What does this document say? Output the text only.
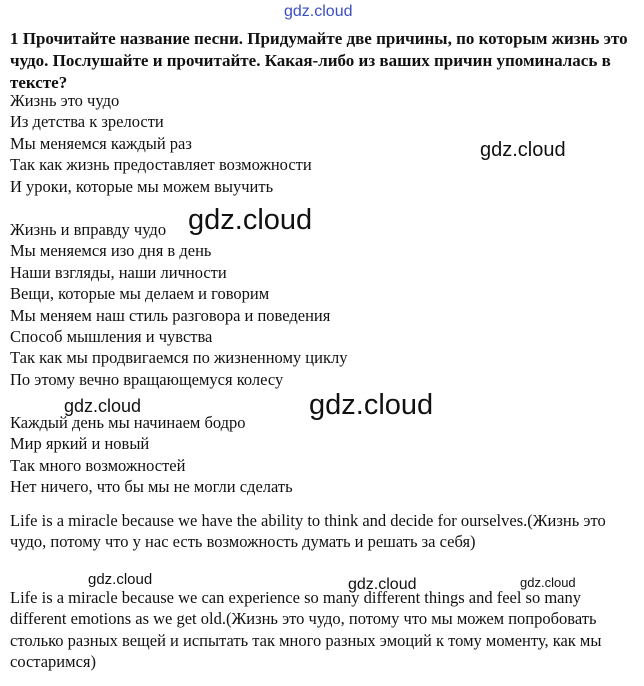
1 Прочитайте название песни. Придумайте две причины, по которым жизнь это чудо. Послушайте и прочитайте. Какая-либо из ваших причин упоминалась в тексте?
Жизнь это чудо
Из детства к зрелости
Мы меняемся каждый раз
Так как жизнь предоставляет возможности
И уроки, которые мы можем выучить
Жизнь и вправду чудо
Мы меняемся изо дня в день
Наши взгляды, наши личности
Вещи, которые мы делаем и говорим
Мы меняем наш стиль разговора и поведения
Способ мышления и чувства
Так как мы продвигаемся по жизненному циклу
По этому вечно вращающемуся колесу
Каждый день мы начинаем бодро
Мир яркий и новый
Так много возможностей
Нет ничего, что бы мы не могли сделать
Life is a miracle because we have the ability to think and decide for ourselves.(Жизнь это чудо, потому что у нас есть возможность думать и решать за себя)
Life is a miracle because we can experience so many different things and feel so many different emotions as we get old.(Жизнь это чудо, потому что мы можем попробовать столько разных вещей и испытать так много разных эмоций к тому моменту, как мы состаримся)
gdz.cloud
gdz.cloud
gdz.cloud
gdz.cloud	gdz.cloud
gdz.cloud	gdz.cloud	gdz.cloud
